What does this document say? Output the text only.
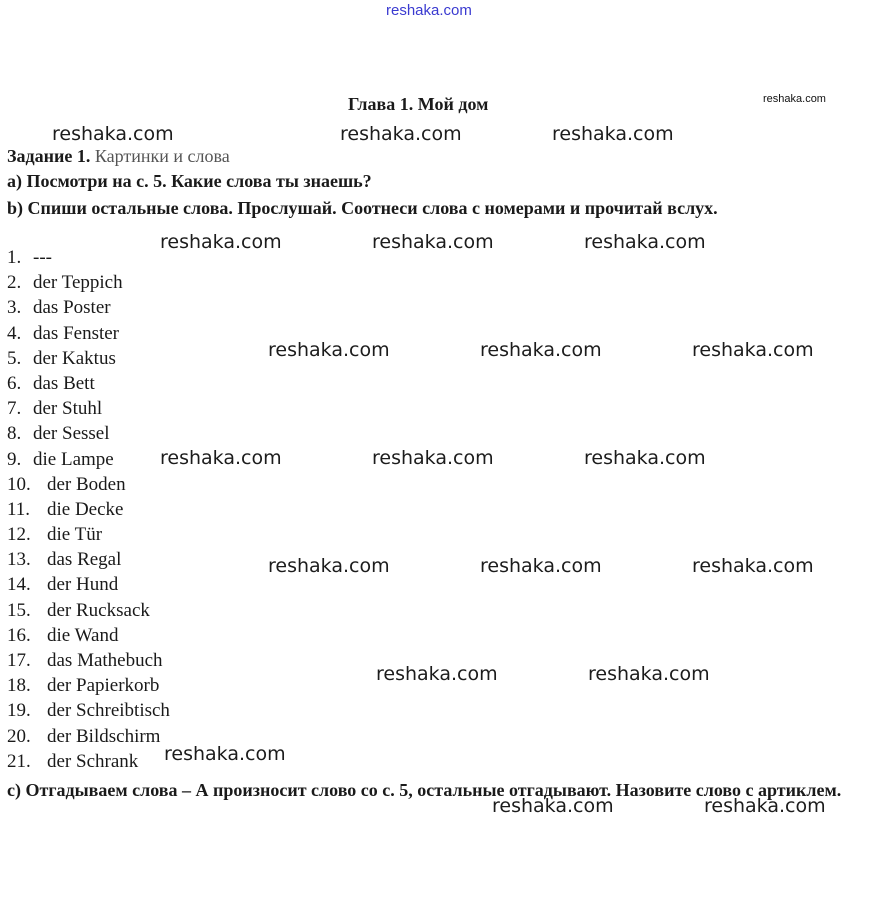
reshaka.com
Глава 1. Мой дом	reshaka.com
Задание 1. Картинки и слова
a) Посмотри на с. 5. Какие слова ты знаешь?
b) Спиши остальные слова. Прослушай. Соотнеси слова с номерами и прочитай вслух.
1. ---
2. der Teppich
3. das Poster
4. das Fenster
5. der Kaktus
6. das Bett
7. der Stuhl
8. der Sessel
9. die Lampe
10. der Boden
11. die Decke
12. die Tür
13. das Regal
14. der Hund
15. der Rucksack
16. die Wand
17. das Mathebuch
18. der Papierkorb
19. der Schreibtisch
20. der Bildschirm
21. der Schrank
c) Отгадываем слова – А произносит слово со с. 5, остальные отгадывают. Назовите слово с артиклем.
reshaka.com	reshaka.com	reshaka.com
reshaka.com	reshaka.com	reshaka.com
reshaka.com	reshaka.com	reshaka.com
reshaka.com	reshaka.com	reshaka.com
reshaka.com	reshaka.com	reshaka.com
reshaka.com	reshaka.com
reshaka.com
reshaka.com	reshaka.com
